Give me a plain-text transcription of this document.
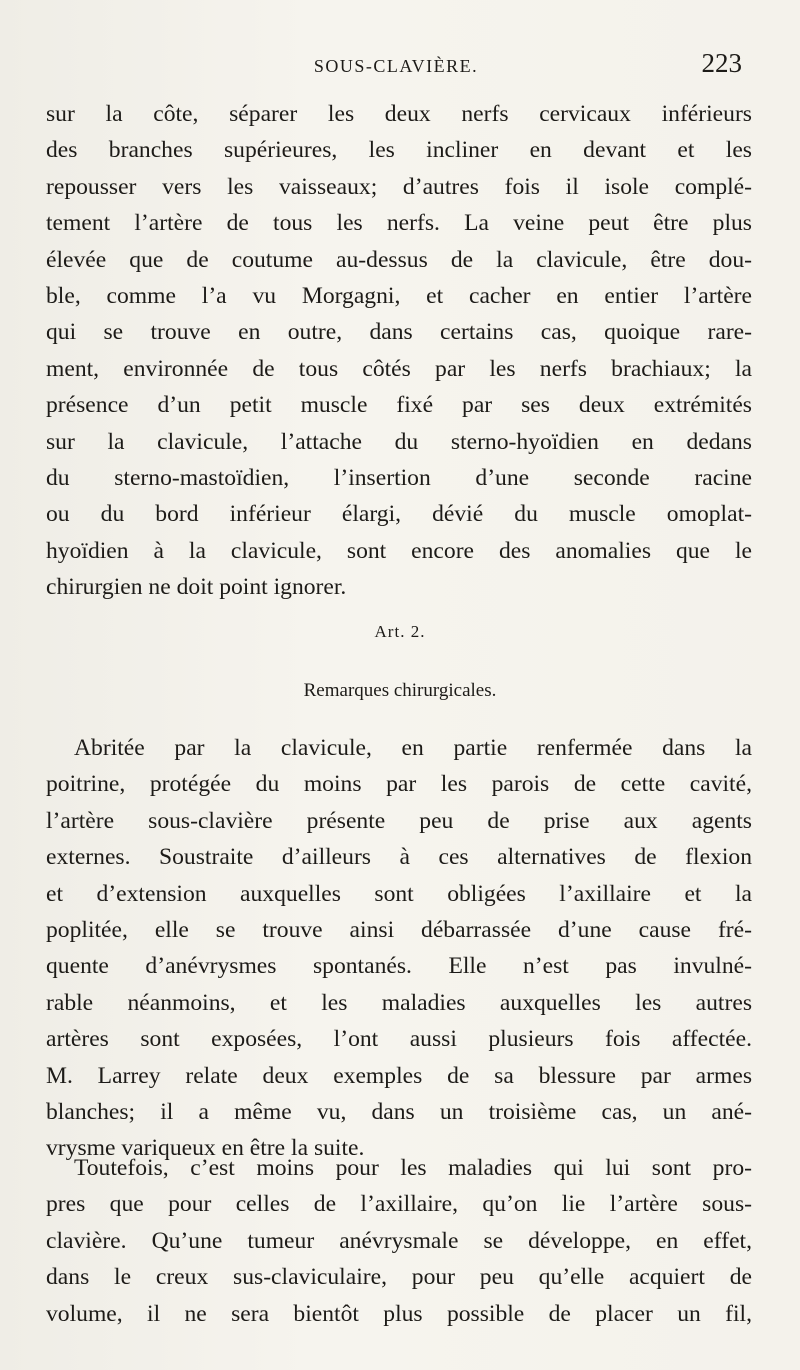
SOUS-CLAVIÈRE.	223
sur la côte, séparer les deux nerfs cervicaux inférieurs
des branches supérieures, les incliner en devant et les
repousser vers les vaisseaux; d’autres fois il isole complé-
tement l’artère de tous les nerfs. La veine peut être plus
élevée que de coutume au-dessus de la clavicule, être dou-
ble, comme l’a vu Morgagni, et cacher en entier l’artère
qui se trouve en outre, dans certains cas, quoique rare-
ment, environnée de tous côtés par les nerfs brachiaux; la
présence d’un petit muscle fixé par ses deux extrémités
sur la clavicule, l’attache du sterno-hyoïdien en dedans
du sterno-mastoïdien, l’insertion d’une seconde racine
ou du bord inférieur élargi, dévié du muscle omoplat-
hyoïdien à la clavicule, sont encore des anomalies que le
chirurgien ne doit point ignorer.
Art. 2.
Remarques chirurgicales.
Abritée par la clavicule, en partie renfermée dans la
poitrine, protégée du moins par les parois de cette cavité,
l’artère sous-clavière présente peu de prise aux agents
externes. Soustraite d’ailleurs à ces alternatives de flexion
et d’extension auxquelles sont obligées l’axillaire et la
poplitée, elle se trouve ainsi débarrassée d’une cause fré-
quente d’anévrysmes spontanés. Elle n’est pas invulné-
rable néanmoins, et les maladies auxquelles les autres
artères sont exposées, l’ont aussi plusieurs fois affectée.
M. Larrey relate deux exemples de sa blessure par armes
blanches; il a même vu, dans un troisième cas, un ané-
vrysme variqueux en être la suite.
Toutefois, c’est moins pour les maladies qui lui sont pro-
pres que pour celles de l’axillaire, qu’on lie l’artère sous-
clavière. Qu’une tumeur anévrysmale se développe, en effet,
dans le creux sus-claviculaire, pour peu qu’elle acquiert de
volume, il ne sera bientôt plus possible de placer un fil,
